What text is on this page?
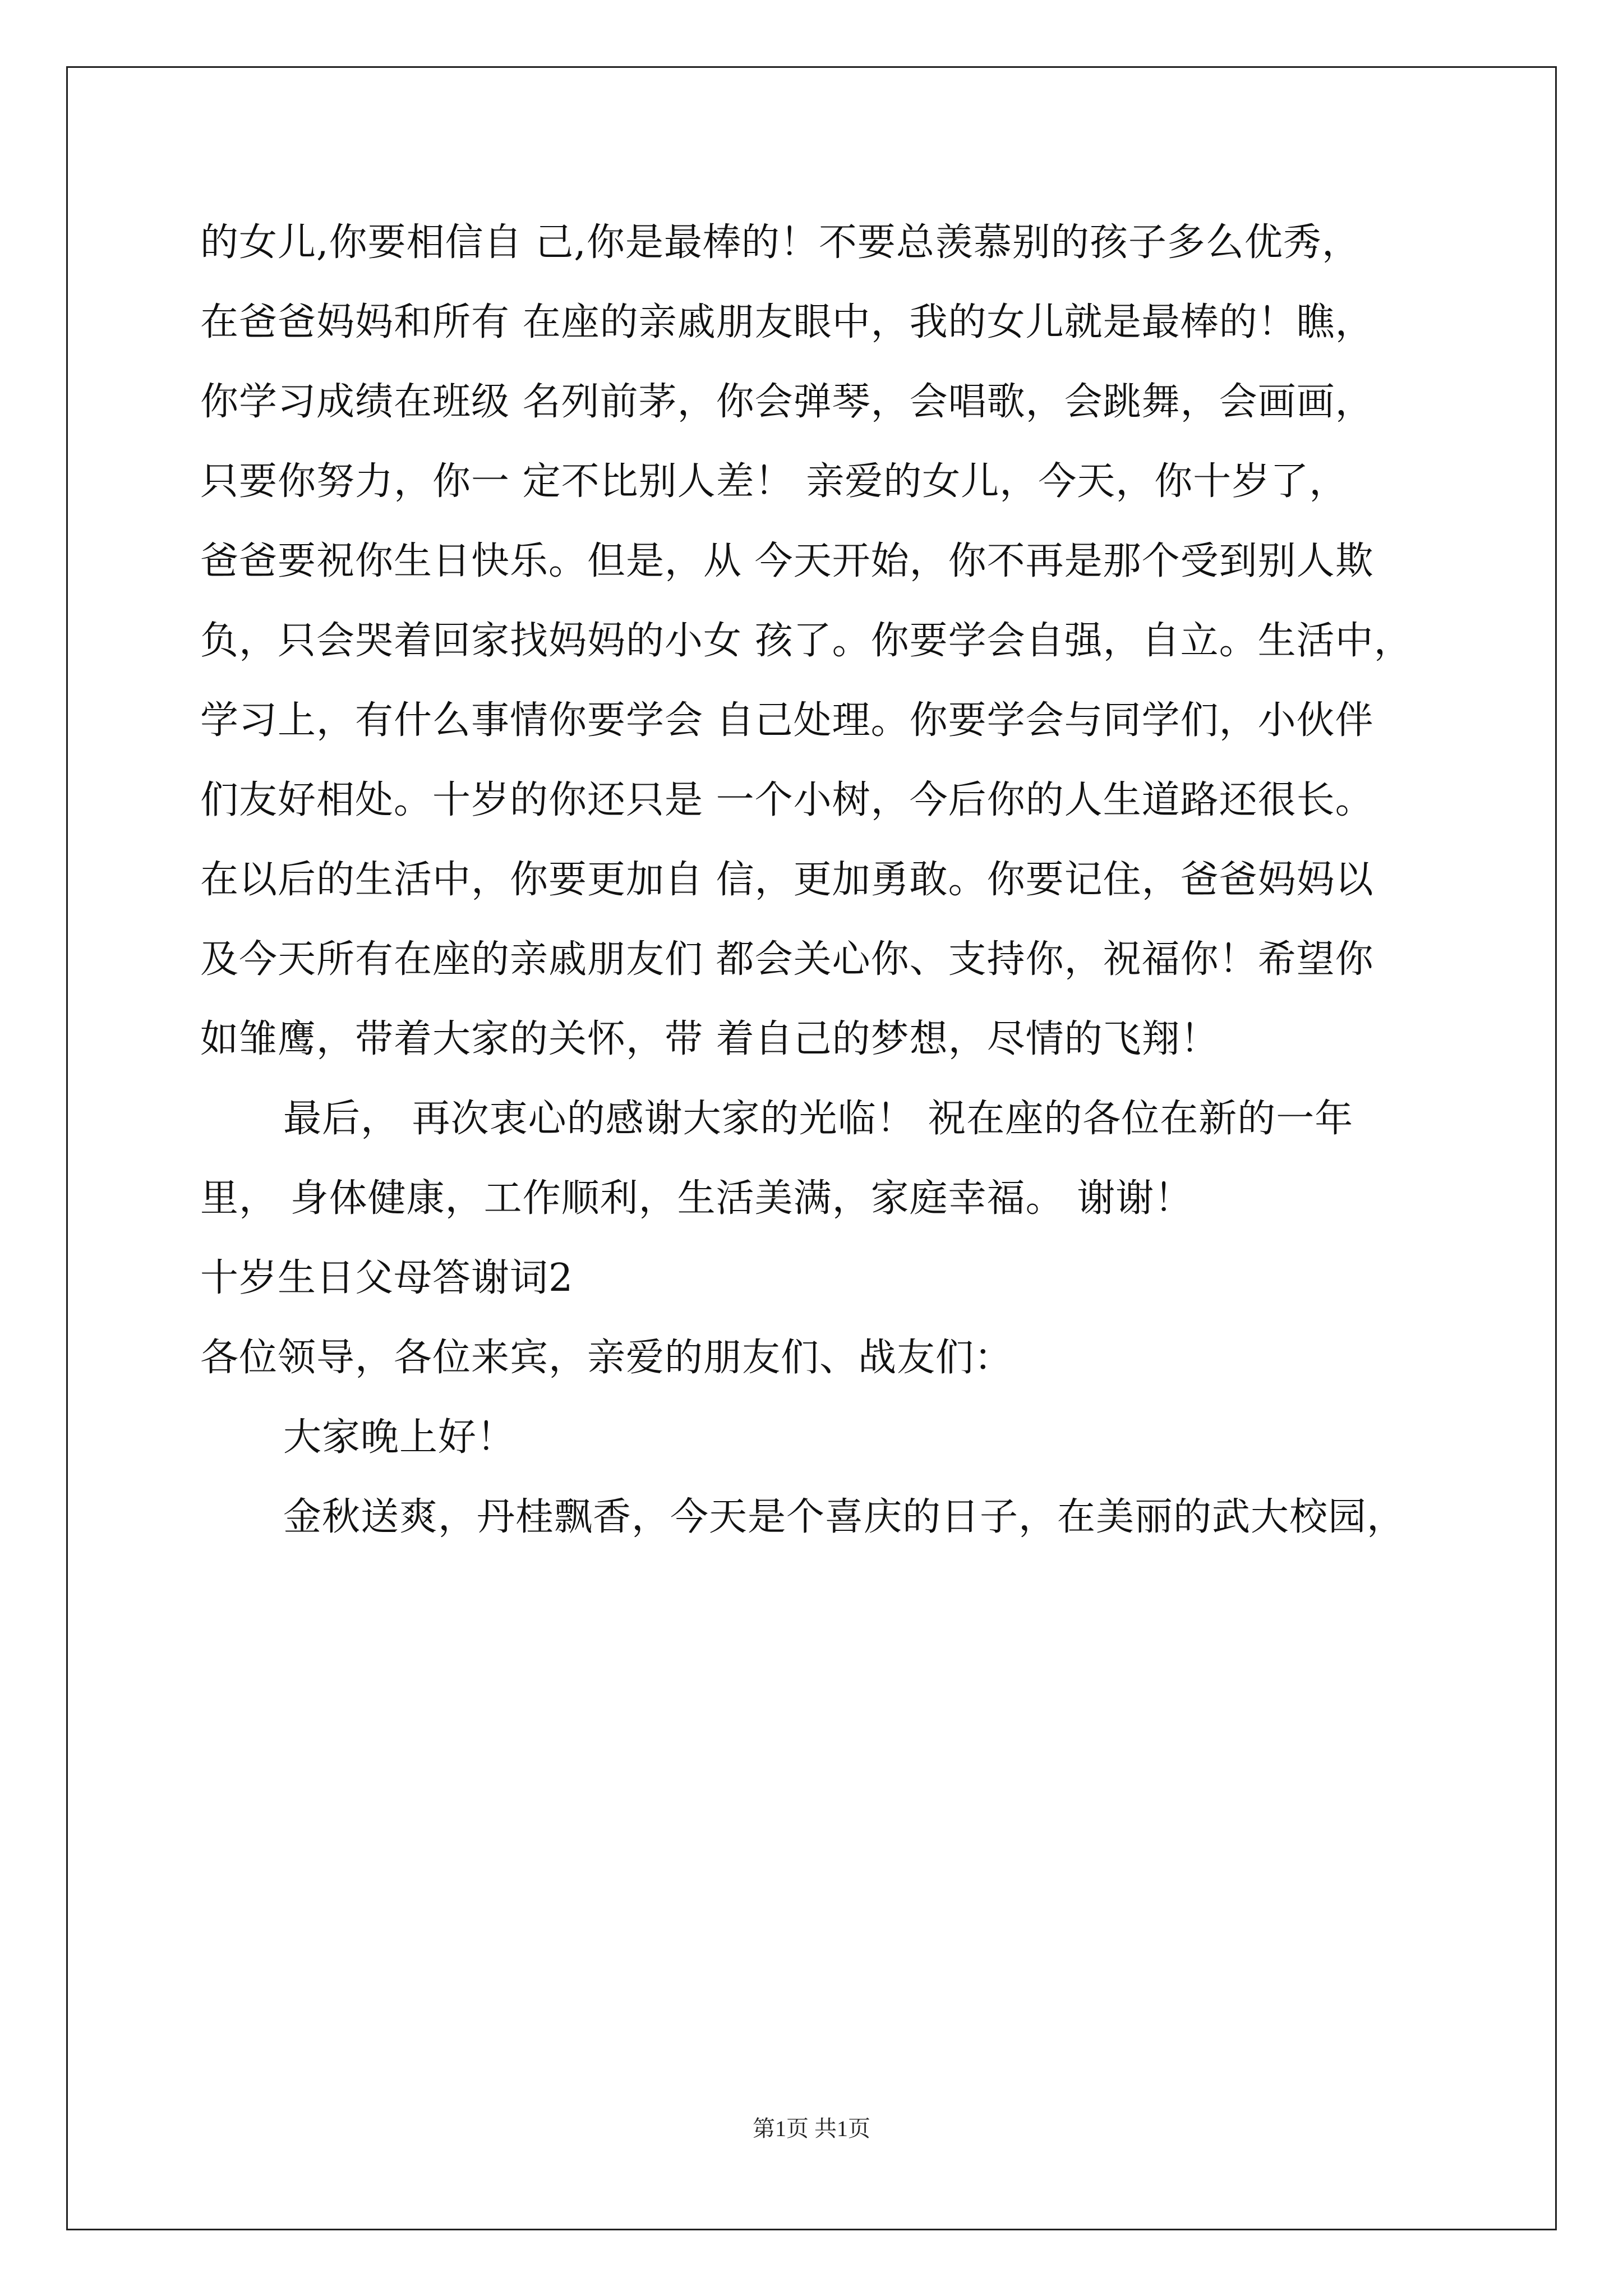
的女儿,你要相信自 己,你是最棒的！不要总羡慕别的孩子多么优秀，
在爸爸妈妈和所有 在座的亲戚朋友眼中，我的女儿就是最棒的！瞧，
你学习成绩在班级 名列前茅，你会弹琴，会唱歌，会跳舞，会画画，
只要你努力，你一 定不比别人差！ 亲爱的女儿，今天，你十岁了，
爸爸要祝你生日快乐。但是，从 今天开始，你不再是那个受到别人欺
负，只会哭着回家找妈妈的小女 孩了。你要学会自强，自立。生活中，
学习上，有什么事情你要学会 自己处理。你要学会与同学们，小伙伴
们友好相处。十岁的你还只是 一个小树，今后你的人生道路还很长。
在以后的生活中，你要更加自 信，更加勇敢。你要记住，爸爸妈妈以
及今天所有在座的亲戚朋友们 都会关心你、支持你，祝福你！希望你
如雏鹰，带着大家的关怀，带 着自己的梦想，尽情的飞翔！
最后， 再次衷心的感谢大家的光临！ 祝在座的各位在新的一年
里， 身体健康，工作顺利，生活美满，家庭幸福。 谢谢！
十岁生日父母答谢词2
各位领导，各位来宾，亲爱的朋友们、战友们：
大家晚上好！
金秋送爽，丹桂飘香，今天是个喜庆的日子，在美丽的武大校园，
第1页 共1页
